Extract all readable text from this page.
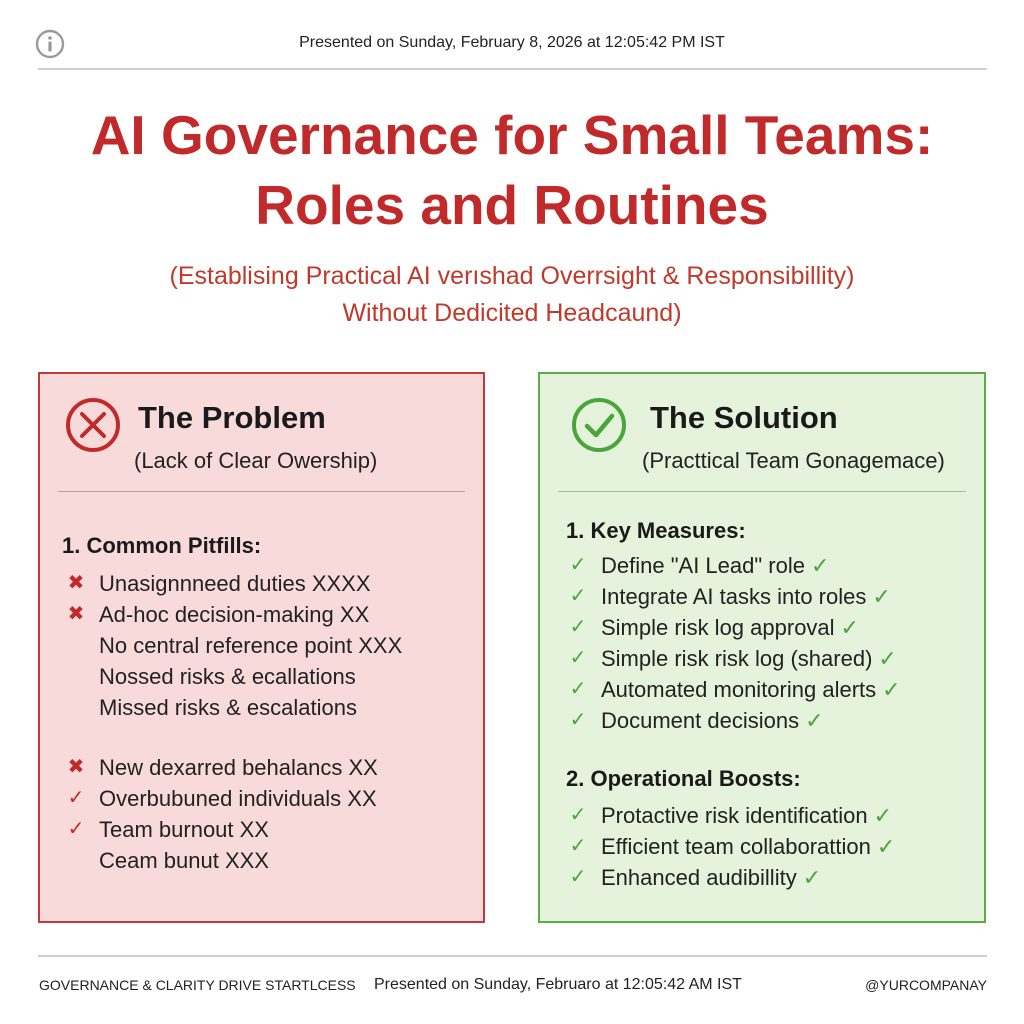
Presented on Sunday, February 8, 2026 at 12:05:42 PM IST
AI Governance for Small Teams:
Roles and Routines
(Establising Practical AI verıshad Overrsight & Responsibillity)
Without Dedicited Headcaund)
The Problem
(Lack of Clear Owership)
1. Common Pitfills:
✖ Unasignnneed duties XXXX
✖ Ad-hoc decision-making XX
No central reference point XXX
Nossed risks & ecallations
Missed risks & escalations
✖ New dexarred behalancs XX
✓ Overbubuned individuals XX
✓ Team burnout XX
Ceam bunut XXX
The Solution
(Practtical Team Gonagemace)
1. Key Measures:
✓ Define "AI Lead" role ✓
✓ Integrate AI tasks into roles ✓
✓ Simple risk log approval ✓
✓ Simple risk risk log (shared) ✓
✓ Automated monitoring alerts ✓
✓ Document decisions ✓
2. Operational Boosts:
✓ Protactive risk identification ✓
✓ Efficient team collaborattion ✓
✓ Enhanced audibillity ✓
GOVERNANCE & CLARITY DRIVE STARTLCESS Presented on Sunday, Februaro at 12:05:42 AM IST	@YURCOMPANAY
